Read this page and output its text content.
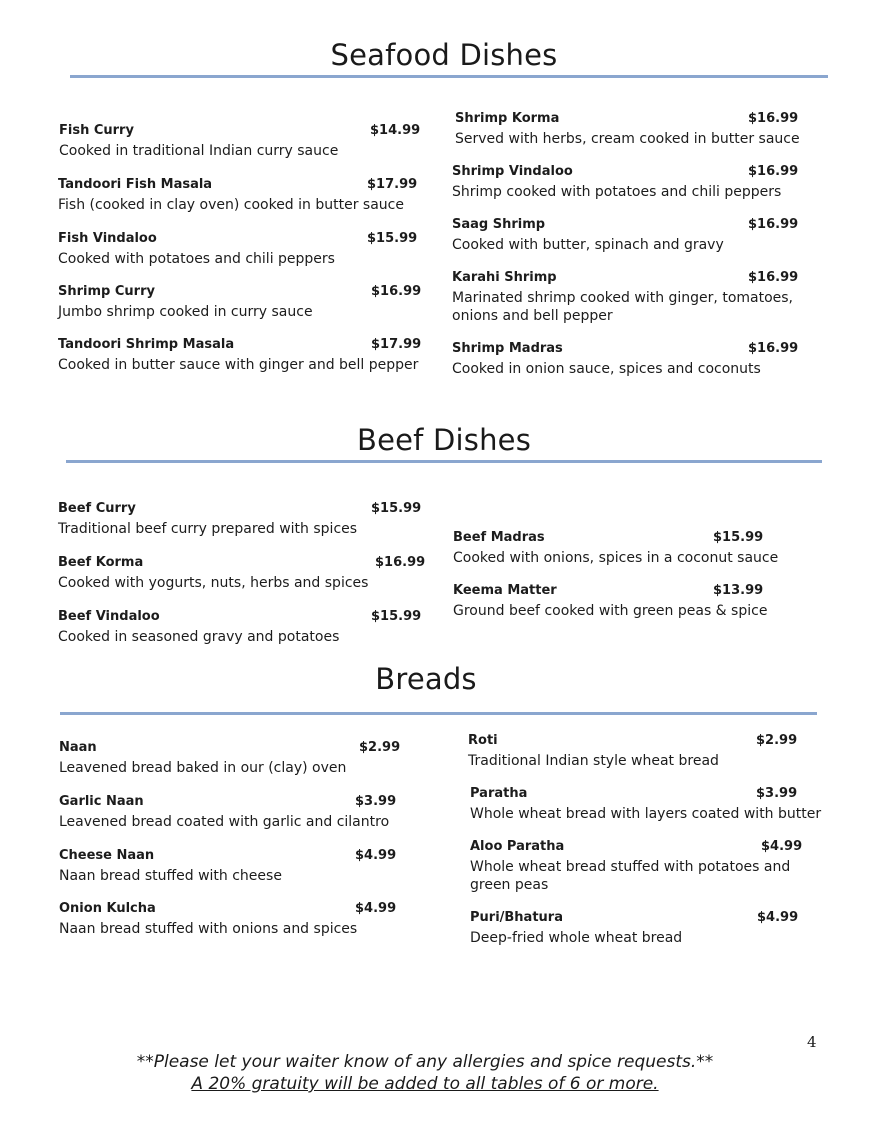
Seafood Dishes
Beef Dishes
Breads
Fish Curry	$14.99
Cooked in traditional Indian curry sauce
Tandoori Fish Masala	$17.99
Fish (cooked in clay oven) cooked in butter sauce
Fish Vindaloo	$15.99
Cooked with potatoes and chili peppers
Shrimp Curry	$16.99
Jumbo shrimp cooked in curry sauce
Tandoori Shrimp Masala	$17.99
Cooked in butter sauce with ginger and bell pepper
Shrimp Korma	$16.99
Served with herbs, cream cooked in butter sauce
Shrimp Vindaloo	$16.99
Shrimp cooked with potatoes and chili peppers
Saag Shrimp	$16.99
Cooked with butter, spinach and gravy
Karahi Shrimp	$16.99
Marinated shrimp cooked with ginger, tomatoes, onions and bell pepper
Shrimp Madras	$16.99
Cooked in onion sauce, spices and coconuts
Beef Curry	$15.99
Traditional beef curry prepared with spices
Beef Korma	$16.99
Cooked with yogurts, nuts, herbs and spices
Beef Vindaloo	$15.99
Cooked in seasoned gravy and potatoes
Beef Madras	$15.99
Cooked with onions, spices in a coconut sauce
Keema Matter	$13.99
Ground beef cooked with green peas & spice
Naan	$2.99
Leavened bread baked in our (clay) oven
Garlic Naan	$3.99
Leavened bread coated with garlic and cilantro
Cheese Naan	$4.99
Naan bread stuffed with cheese
Onion Kulcha	$4.99
Naan bread stuffed with onions and spices
Roti	$2.99
Traditional Indian style wheat bread
Paratha	$3.99
Whole wheat bread with layers coated with butter
Aloo Paratha	$4.99
Whole wheat bread stuffed with potatoes and green peas
Puri/Bhatura	$4.99
Deep-fried whole wheat bread
4
**Please let your waiter know of any allergies and spice requests.**
A 20% gratuity will be added to all tables of 6 or more.
